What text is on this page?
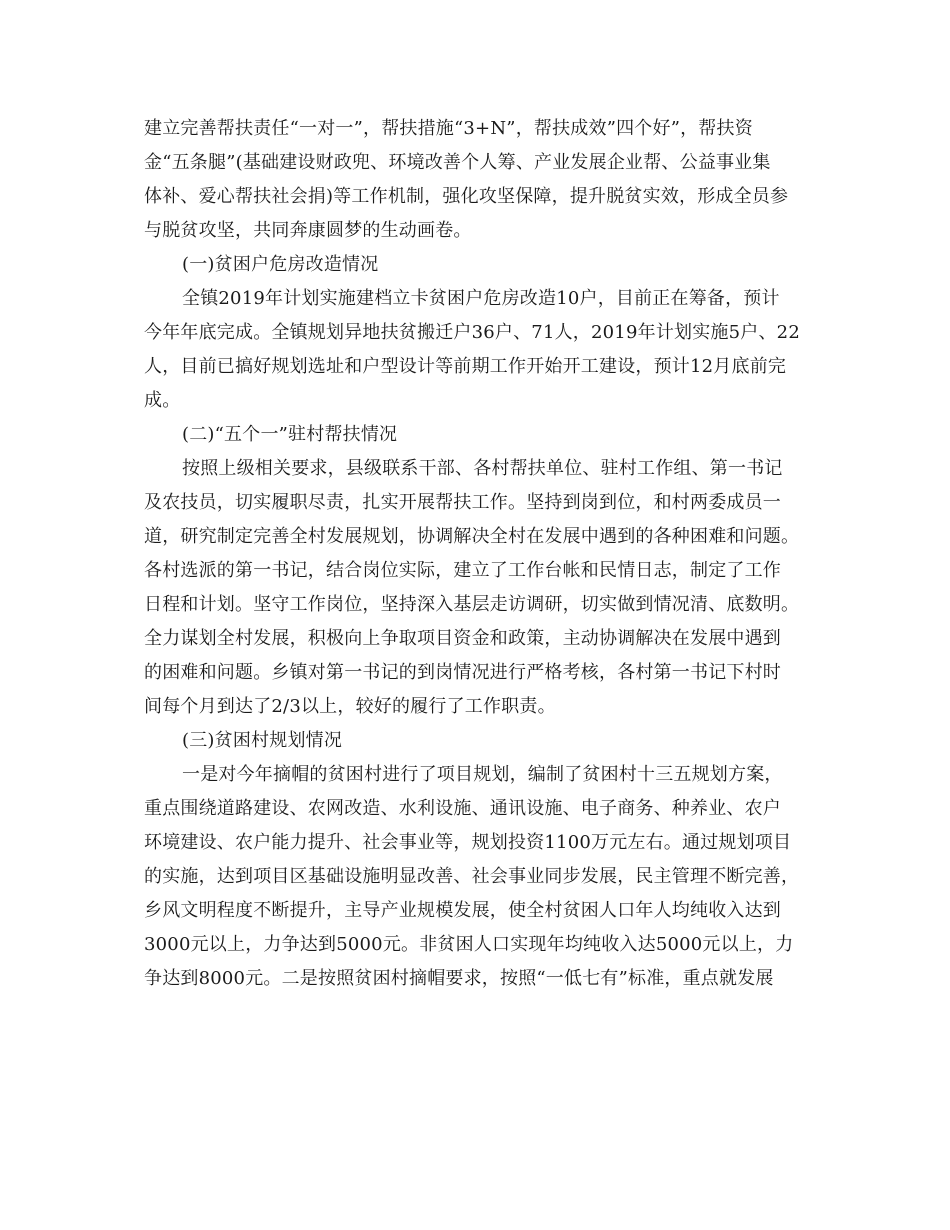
建立完善帮扶责任“一对一”，帮扶措施“3+N”，帮扶成效”四个好”，帮扶资
金“五条腿”(基础建设财政兜、环境改善个人筹、产业发展企业帮、公益事业集
体补、爱心帮扶社会捐)等工作机制，强化攻坚保障，提升脱贫实效，形成全员参
与脱贫攻坚，共同奔康圆梦的生动画卷。
(一)贫困户危房改造情况
全镇2019年计划实施建档立卡贫困户危房改造10户，目前正在筹备，预计
今年年底完成。全镇规划异地扶贫搬迁户36户、71人，2019年计划实施5户、22
人，目前已搞好规划选址和户型设计等前期工作开始开工建设，预计12月底前完
成。
(二)“五个一”驻村帮扶情况
按照上级相关要求，县级联系干部、各村帮扶单位、驻村工作组、第一书记
及农技员，切实履职尽责，扎实开展帮扶工作。坚持到岗到位，和村两委成员一
道，研究制定完善全村发展规划，协调解决全村在发展中遇到的各种困难和问题。
各村选派的第一书记，结合岗位实际，建立了工作台帐和民情日志，制定了工作
日程和计划。坚守工作岗位，坚持深入基层走访调研，切实做到情况清、底数明。
全力谋划全村发展，积极向上争取项目资金和政策，主动协调解决在发展中遇到
的困难和问题。乡镇对第一书记的到岗情况进行严格考核，各村第一书记下村时
间每个月到达了2/3以上，较好的履行了工作职责。
(三)贫困村规划情况
一是对今年摘帽的贫困村进行了项目规划，编制了贫困村十三五规划方案，
重点围绕道路建设、农网改造、水利设施、通讯设施、电子商务、种养业、农户
环境建设、农户能力提升、社会事业等，规划投资1100万元左右。通过规划项目
的实施，达到项目区基础设施明显改善、社会事业同步发展，民主管理不断完善，
乡风文明程度不断提升，主导产业规模发展，使全村贫困人口年人均纯收入达到
3000元以上，力争达到5000元。非贫困人口实现年均纯收入达5000元以上，力
争达到8000元。二是按照贫困村摘帽要求，按照“一低七有”标准，重点就发展
